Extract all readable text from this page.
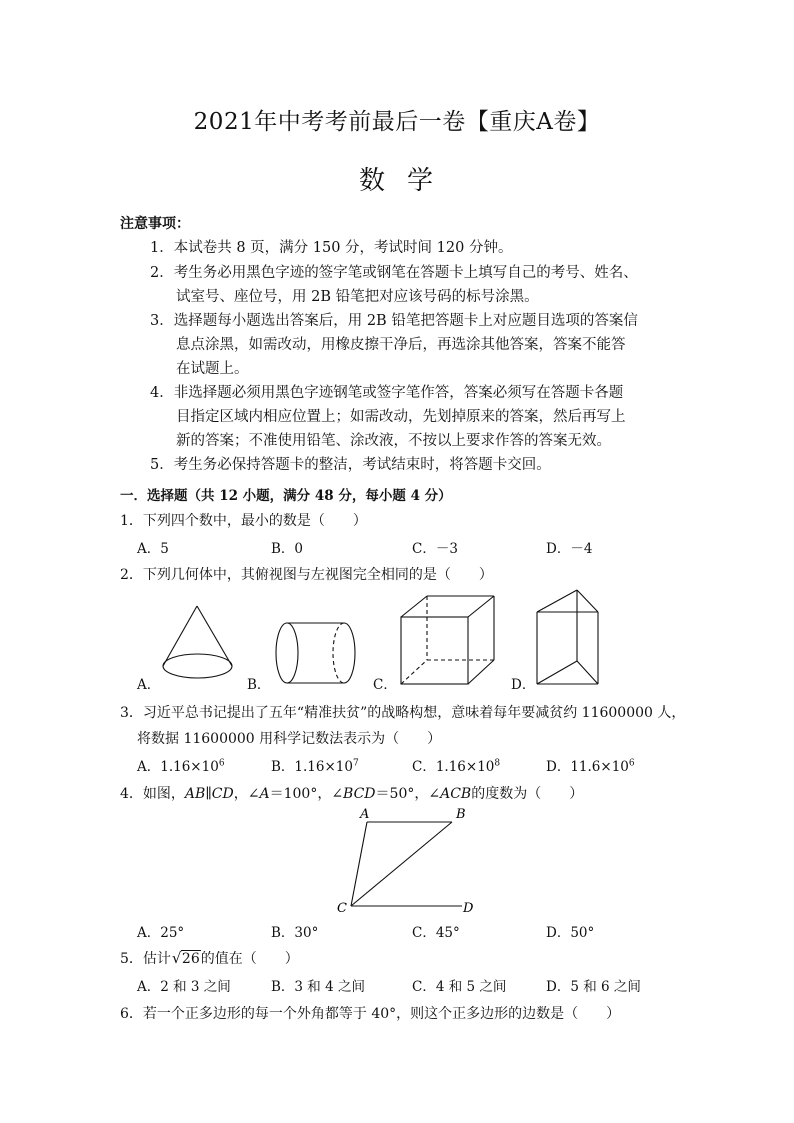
2021年中考考前最后一卷【重庆A卷】
数学
注意事项：
1．本试卷共 8 页，满分 150 分，考试时间 120 分钟。
2．考生务必用黑色字迹的签字笔或钢笔在答题卡上填写自己的考号、姓名、
试室号、座位号，用 2B 铅笔把对应该号码的标号涂黑。
3．选择题每小题选出答案后，用 2B 铅笔把答题卡上对应题目选项的答案信
息点涂黑，如需改动，用橡皮擦干净后，再选涂其他答案，答案不能答
在试题上。
4．非选择题必须用黑色字迹钢笔或签字笔作答，答案必须写在答题卡各题
目指定区域内相应位置上；如需改动，先划掉原来的答案，然后再写上
新的答案；不准使用铅笔、涂改液，不按以上要求作答的答案无效。
5．考生务必保持答题卡的整洁，考试结束时，将答题卡交回。
一．选择题（共 12 小题，满分 48 分，每小题 4 分）
1．下列四个数中，最小的数是（　　）
A．5	B．0	C．－3	D．－4
2．下列几何体中，其俯视图与左视图完全相同的是（　　）
A．	B．	C．	D．
3．习近平总书记提出了五年“精准扶贫”的战略构想，意味着每年要减贫约 11600000 人，
将数据 11600000 用科学记数法表示为（　　）
A．$1.16\times 10^6$	B．$1.16\times 10^7$	C．$1.16\times 10^8$	D．$11.6\times 10^6$
4．如图，AB∥CD，∠A＝100°，∠BCD＝50°，∠ACB的度数为（　　）
A	B
C	D
A．25°	B．30°	C．45°	D．50°
5．估计 √ 26的值在（　　）
A．2 和 3 之间	B．3 和 4 之间	C．4 和 5 之间	D．5 和 6 之间
6．若一个正多边形的每一个外角都等于 40°，则这个正多边形的边数是（　　）
